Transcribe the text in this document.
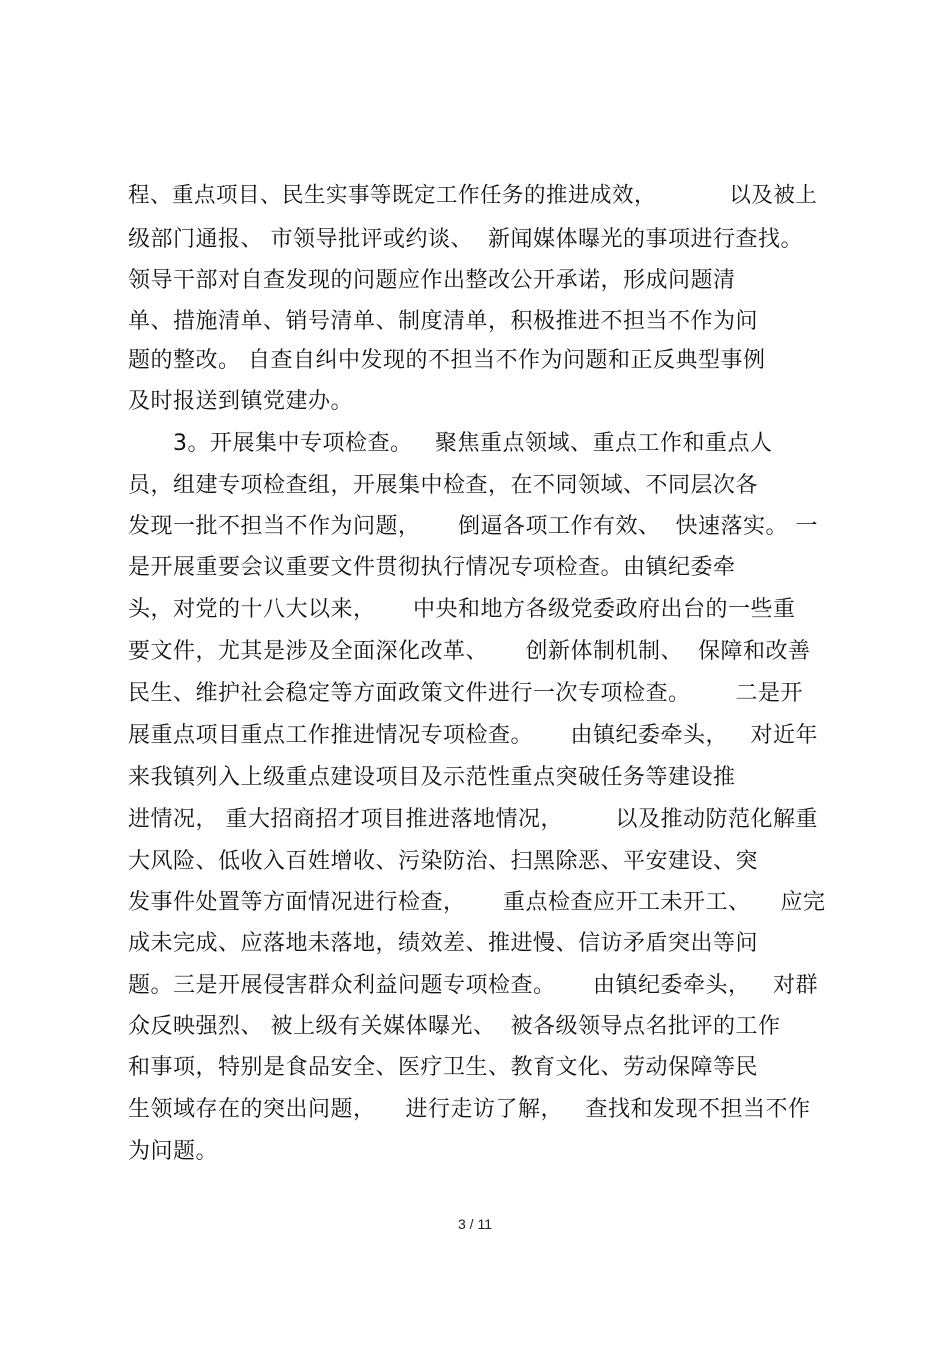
程、重点项目、民生实事等既定工作任务的推进成效，          以及被上
级部门通报、 市领导批评或约谈、  新闻媒体曝光的事项进行查找。
领导干部对自查发现的问题应作出整改公开承诺，形成问题清
单、措施清单、销号清单、制度清单，积极推进不担当不作为问
题的整改。 自查自纠中发现的不担当不作为问题和正反典型事例
及时报送到镇党建办。
3。开展集中专项检查。   聚焦重点领域、重点工作和重点人
员，组建专项检查组，开展集中检查，在不同领域、不同层次各
发现一批不担当不作为问题，     倒逼各项工作有效、  快速落实。 一
是开展重要会议重要文件贯彻执行情况专项检查。由镇纪委牵
头，对党的十八大以来，     中央和地方各级党委政府出台的一些重
要文件，尤其是涉及全面深化改革、     创新体制机制、  保障和改善
民生、维护社会稳定等方面政策文件进行一次专项检查。      二是开
展重点项目重点工作推进情况专项检查。     由镇纪委牵头，   对近年
来我镇列入上级重点建设项目及示范性重点突破任务等建设推
进情况， 重大招商招才项目推进落地情况，       以及推动防范化解重
大风险、低收入百姓增收、污染防治、扫黑除恶、平安建设、突
发事件处置等方面情况进行检查，     重点检查应开工未开工、    应完
成未完成、应落地未落地，绩效差、推进慢、信访矛盾突出等问
题。三是开展侵害群众利益问题专项检查。     由镇纪委牵头，   对群
众反映强烈、 被上级有关媒体曝光、  被各级领导点名批评的工作
和事项，特别是食品安全、医疗卫生、教育文化、劳动保障等民
生领域存在的突出问题，    进行走访了解，   查找和发现不担当不作
为问题。
3 / 11
